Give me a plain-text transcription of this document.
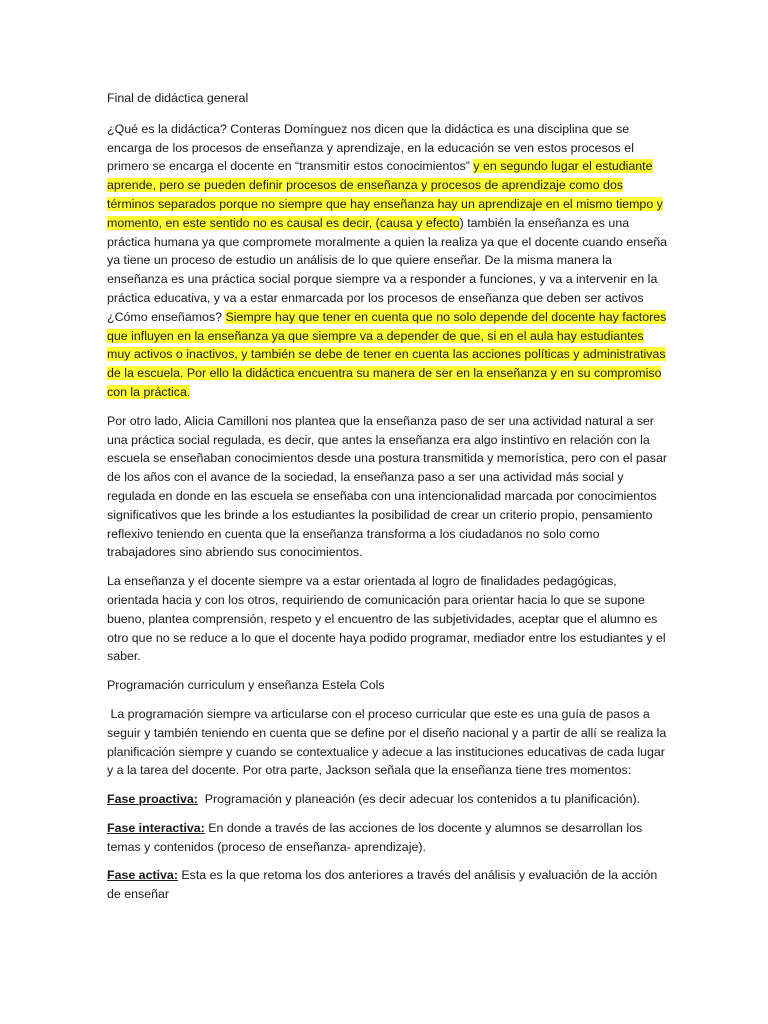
Final de didáctica general

¿Qué es la didáctica? Conteras Domínguez nos dicen que la didáctica es una disciplina que se encarga de los procesos de enseñanza y aprendizaje, en la educación se ven estos procesos el primero se encarga el docente en “transmitir estos conocimientos” y en segundo lugar el estudiante aprende, pero se pueden definir procesos de enseñanza y procesos de aprendizaje como dos términos separados porque no siempre que hay enseñanza hay un aprendizaje en el mismo tiempo y momento, en este sentido no es causal es decir, (causa y efecto) también la enseñanza es una práctica humana ya que compromete moralmente a quien la realiza ya que el docente cuando enseña ya tiene un proceso de estudio un análisis de lo que quiere enseñar. De la misma manera la enseñanza es una práctica social porque siempre va a responder a funciones, y va a intervenir en la práctica educativa, y va a estar enmarcada por los procesos de enseñanza que deben ser activos ¿Cómo enseñamos? Siempre hay que tener en cuenta que no solo depende del docente hay factores que influyen en la enseñanza ya que siempre va a depender de que, si en el aula hay estudiantes muy activos o inactivos, y también se debe de tener en cuenta las acciones políticas y administrativas de la escuela. Por ello la didáctica encuentra su manera de ser en la enseñanza y en su compromiso con la práctica.

Por otro lado, Alicia Camilloni nos plantea que la enseñanza paso de ser una actividad natural a ser una práctica social regulada, es decir, que antes la enseñanza era algo instintivo en relación con la escuela se enseñaban conocimientos desde una postura transmitida y memorística, pero con el pasar de los años con el avance de la sociedad, la enseñanza paso a ser una actividad más social y regulada en donde en las escuela se enseñaba con una intencionalidad marcada por conocimientos significativos que les brinde a los estudiantes la posibilidad de crear un criterio propio, pensamiento reflexivo teniendo en cuenta que la enseñanza transforma a los ciudadanos no solo como trabajadores sino abriendo sus conocimientos.

La enseñanza y el docente siempre va a estar orientada al logro de finalidades pedagógicas, orientada hacia y con los otros, requiriendo de comunicación para orientar hacia lo que se supone bueno, plantea comprensión, respeto y el encuentro de las subjetividades, aceptar que el alumno es otro que no se reduce a lo que el docente haya podido programar, mediador entre los estudiantes y el saber.

Programación curriculum y enseñanza Estela Cols

La programación siempre va articularse con el proceso curricular que este es una guía de pasos a seguir y también teniendo en cuenta que se define por el diseño nacional y a partir de allí se realiza la planificación siempre y cuando se contextualice y adecue a las instituciones educativas de cada lugar y a la tarea del docente. Por otra parte, Jackson señala que la enseñanza tiene tres momentos:

Fase proactiva:  Programación y planeación (es decir adecuar los contenidos a tu planificación).

Fase interactiva: En donde a través de las acciones de los docente y alumnos se desarrollan los temas y contenidos (proceso de enseñanza- aprendizaje).

Fase activa: Esta es la que retoma los dos anteriores a través del análisis y evaluación de la acción de enseñar
